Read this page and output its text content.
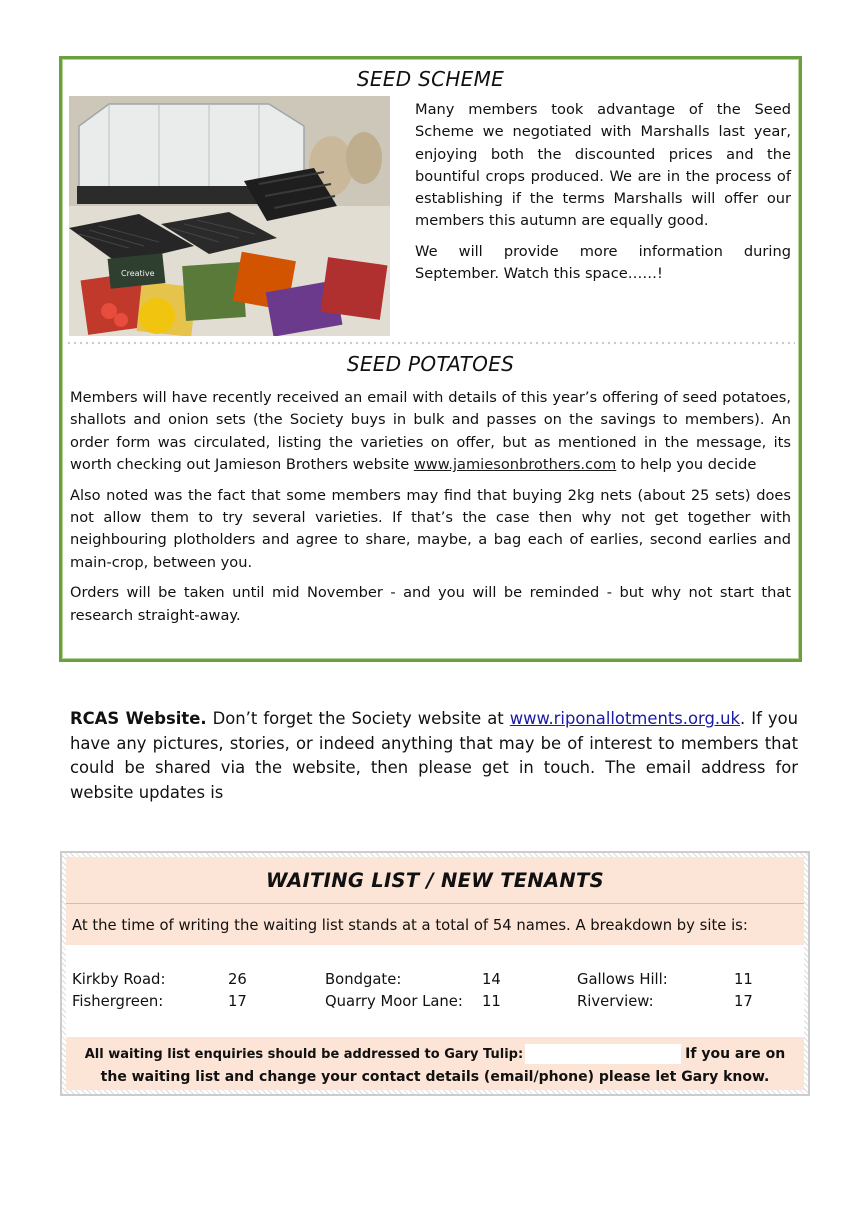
SEED SCHEME
Creative

Many members took advantage of the Seed Scheme we negotiated with Marshalls last year, enjoying both the discounted prices and the bountiful crops produced. We are in the process of establishing if the terms Marshalls will offer our members this autumn are equally good.

We will provide more information during September. Watch this space……!

SEED POTATOES

Members will have recently received an email with details of this year’s offering of seed potatoes, shallots and onion sets (the Society buys in bulk and passes on the savings to members). An order form was circulated, listing the varieties on offer, but as mentioned in the message, its worth checking out Jamieson Brothers website www.jamiesonbrothers.com to help you decide

Also noted was the fact that some members may find that buying 2kg nets (about 25 sets) does not allow them to try several varieties. If that’s the case then why not get together with neighbouring plotholders and agree to share, maybe, a bag each of earlies, second earlies and main-crop, between you.

Orders will be taken until mid November - and you will be reminded - but why not start that research straight-away.

RCAS Website. Don’t forget the Society website at www.riponallotments.org.uk. If you have any pictures, stories, or indeed anything that may be of interest to members that could be shared via the website, then please get in touch. The email address for website updates is
WAITING LIST / NEW TENANTS
At the time of writing the waiting list stands at a total of 54 names. A breakdown by site is:
Kirkby Road:	26	Bondgate:	14	Gallows Hill:	11
Fishergreen:	17	Quarry Moor Lane: 11	Riverview:	17
All waiting list enquiries should be addressed to Gary Tulip:	If you are on
the waiting list and change your contact details (email/phone) please let Gary know.
